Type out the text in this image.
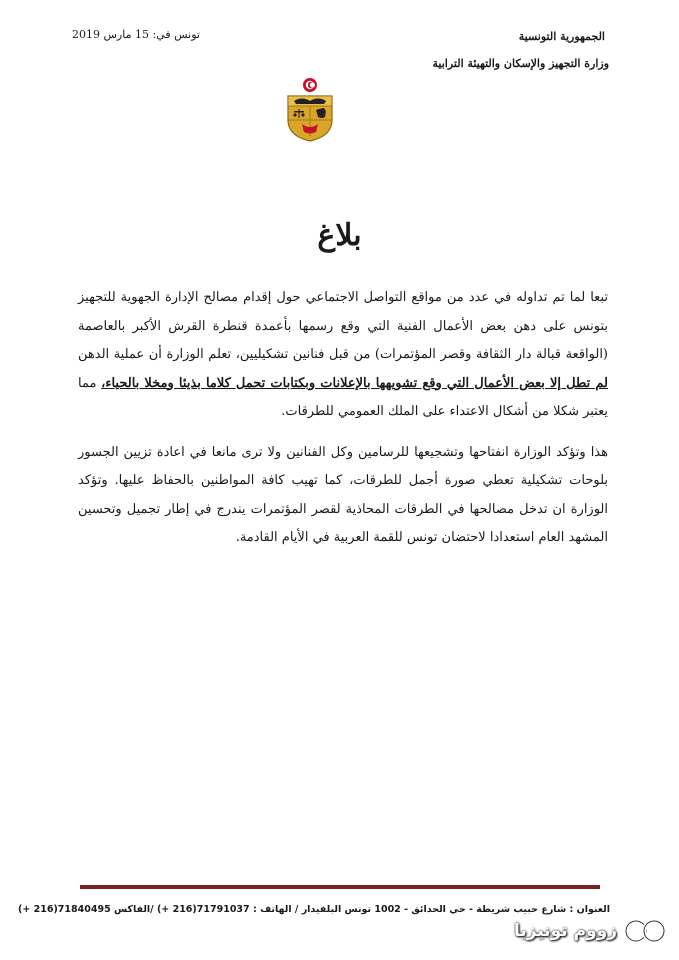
تونس في: 15 مارس 2019	الجمهورية التونسية
وزارة التجهيز والإسكان والتهيئة الترابية
بلاغ

تبعا لما تم تداوله في عدد من مواقع التواصل الاجتماعي حول إقدام مصالح الإدارة الجهوية للتجهيز بتونس على دهن بعض الأعمال الفنية التي وقع رسمها بأعمدة قنطرة القرش الأكبر بالعاصمة (الواقعة قبالة دار الثقافة وقصر المؤتمرات) من قبل فنانين تشكيليين، تعلم الوزارة أن عملية الدهن لم تطل إلا بعض الأعمال التي وقع تشويهها بالإعلانات وبكتابات تحمل كلاما بذيئا ومخلا بالحياء، مما يعتبر شكلا من أشكال الاعتداء على الملك العمومي للطرقات.

هذا وتؤكد الوزارة انفتاحها وتشجيعها للرسامين وكل الفنانين ولا ترى مانعا في اعادة تزيين الجسور بلوحات تشكيلية تعطي صورة أجمل للطرقات، كما تهيب كافة المواطنين بالحفاظ عليها. وتؤكد الوزارة ان تدخل مصالحها في الطرقات المحاذية لقصر المؤتمرات يندرج في إطار تجميل وتحسين المشهد العام استعدادا لاحتضان تونس للقمة العربية في الأيام القادمة.

العنوان : شارع حبيب شريطة - حي الحدائق - 1002 تونس البلفيدار / الهاتف : 71791037(216 +) /الفاكس 71840495(216 +)
زووم تونيزيا
